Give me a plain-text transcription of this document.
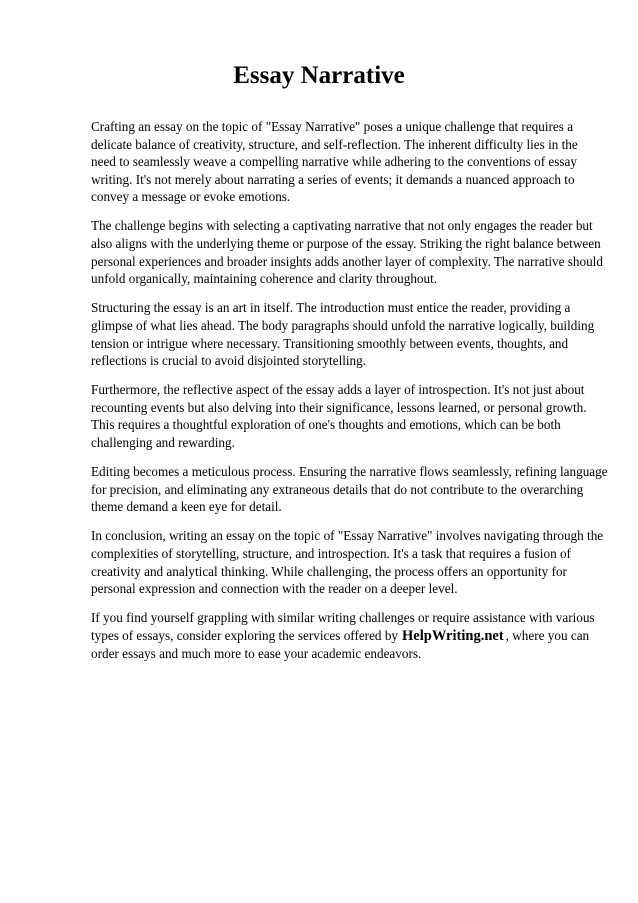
Essay Narrative

Crafting an essay on the topic of "Essay Narrative" poses a unique challenge that requires a
delicate balance of creativity, structure, and self-reflection. The inherent difficulty lies in the
need to seamlessly weave a compelling narrative while adhering to the conventions of essay
writing. It's not merely about narrating a series of events; it demands a nuanced approach to
convey a message or evoke emotions.

The challenge begins with selecting a captivating narrative that not only engages the reader but
also aligns with the underlying theme or purpose of the essay. Striking the right balance between
personal experiences and broader insights adds another layer of complexity. The narrative should
unfold organically, maintaining coherence and clarity throughout.

Structuring the essay is an art in itself. The introduction must entice the reader, providing a
glimpse of what lies ahead. The body paragraphs should unfold the narrative logically, building
tension or intrigue where necessary. Transitioning smoothly between events, thoughts, and
reflections is crucial to avoid disjointed storytelling.

Furthermore, the reflective aspect of the essay adds a layer of introspection. It's not just about
recounting events but also delving into their significance, lessons learned, or personal growth.
This requires a thoughtful exploration of one's thoughts and emotions, which can be both
challenging and rewarding.

Editing becomes a meticulous process. Ensuring the narrative flows seamlessly, refining language
for precision, and eliminating any extraneous details that do not contribute to the overarching
theme demand a keen eye for detail.

In conclusion, writing an essay on the topic of "Essay Narrative" involves navigating through the
complexities of storytelling, structure, and introspection. It's a task that requires a fusion of
creativity and analytical thinking. While challenging, the process offers an opportunity for
personal expression and connection with the reader on a deeper level.

If you find yourself grappling with similar writing challenges or require assistance with various
types of essays, consider exploring the services offered by HelpWriting.net , where you can
order essays and much more to ease your academic endeavors.
